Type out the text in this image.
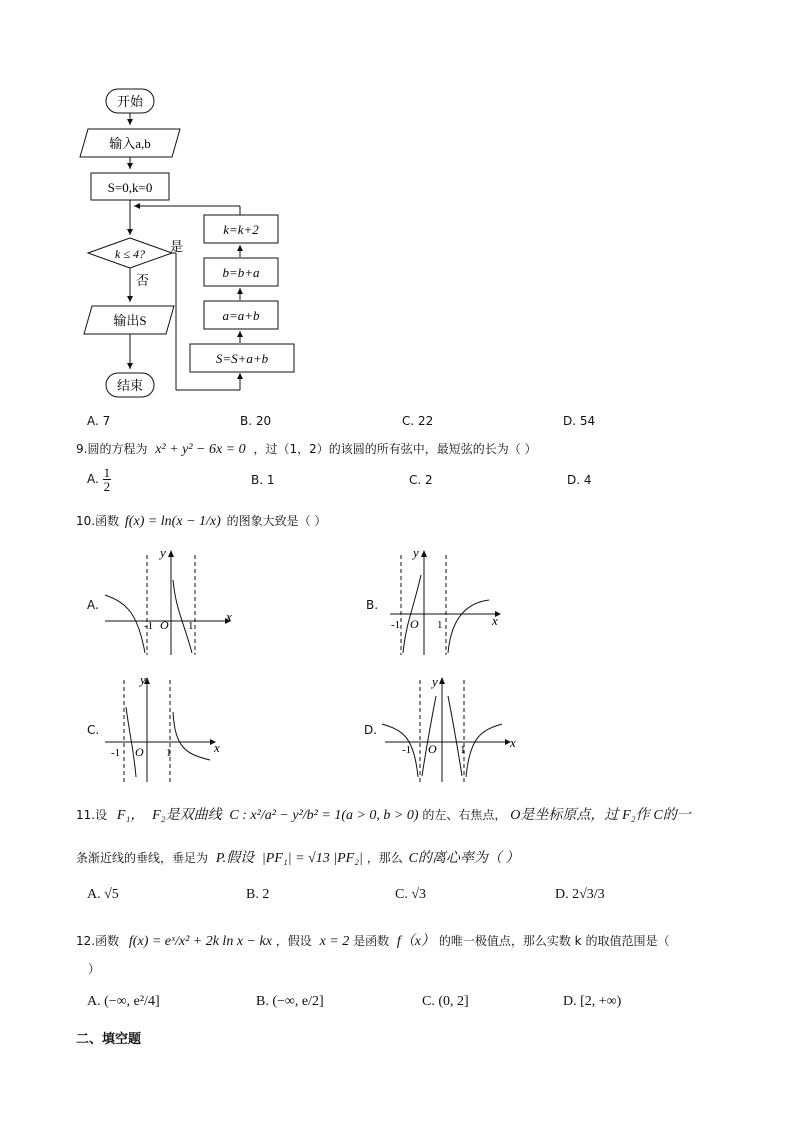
开始
输入a,b
S=0,k=0
k ≤ 4? 是
否
k=k+2
b=b+a
a=a+b
S=S+a+b
输出S
结束
A. 7	B. 20	C. 22	D. 54
9.圆的方程为 x² + y² − 6x = 0 ，过（1，2）的该圆的所有弦中，最短弦的长为（ ）
A. $\frac{1}{2}$	B. 1	C. 2	D. 4
10.函数 f(x) = ln(x − 1/x) 的图象大致是（ ）
A.
y
x
-1 O 1
B.
y
x
-1 O 1
C.
y
x
-1 O 1
D.
y
x
-1 O 1
11.设 F₁， F₂是双曲线 C : x²/a² − y²/b² = 1(a > 0, b > 0) 的左、右焦点， O是坐标原点，过 F₂作 C的一
条渐近线的垂线，垂足为 P.假设 |PF₁| = √13 |PF₂| ，那么 C的离心率为（ ）
A. √5	B. 2	C. √3	D. 2√3/3
12.函数 f(x) = eˣ/x² + 2k ln x − kx ，假设 x = 2 是函数 f（x） 的唯一极值点，那么实数 k 的取值范围是（
）
A. (−∞, e²/4]	B. (−∞, e/2]	C. (0, 2]	D. [2, +∞)
二、填空题
